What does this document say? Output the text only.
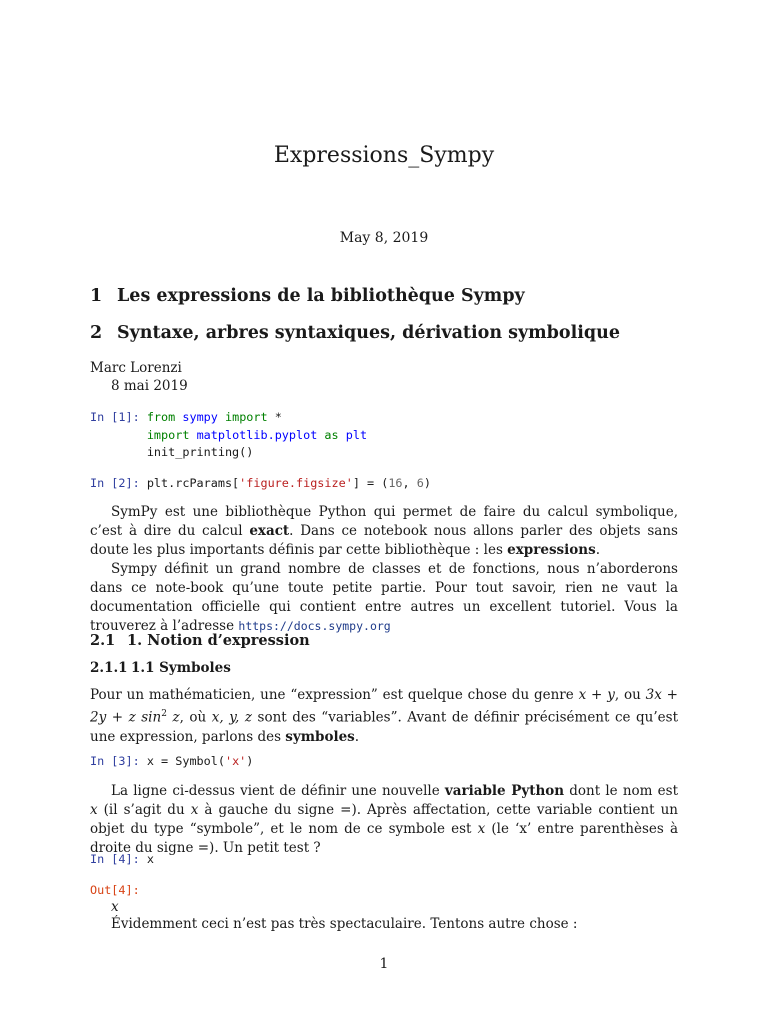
Expressions_Sympy
May 8, 2019
1 Les expressions de la bibliothèque Sympy
2 Syntaxe, arbres syntaxiques, dérivation symbolique
Marc Lorenzi
8 mai 2019
In [1]: from sympy import *
import matplotlib.pyplot as plt
init_printing()
In [2]: plt.rcParams['figure.figsize'] = (16, 6)
SymPy est une bibliothèque Python qui permet de faire du calcul symbolique, c’est à dire du calcul exact. Dans ce notebook nous allons parler des objets sans doute les plus importants définis par cette bibliothèque : les expressions.
Sympy définit un grand nombre de classes et de fonctions, nous n’aborderons dans ce note-book qu’une toute petite partie. Pour tout savoir, rien ne vaut la documentation officielle qui contient entre autres un excellent tutoriel. Vous la trouverez à l’adresse https://docs.sympy.org
2.1 1. Notion d’expression
2.1.1 1.1 Symboles
Pour un mathématicien, une “expression” est quelque chose du genre x + y, ou 3x + 2y + z $\sin^2 z$, où x, y, z sont des “variables”. Avant de définir précisément ce qu’est une expression, parlons des symboles.
In [3]: x = Symbol('x')
La ligne ci-dessus vient de définir une nouvelle variable Python dont le nom est x (il s’agit du x à gauche du signe =). Après affectation, cette variable contient un objet du type “symbole”, et le nom de ce symbole est x (le ‘x’ entre parenthèses à droite du signe =). Un petit test ?
In [4]: x
Out[4]:
x
Évidemment ceci n’est pas très spectaculaire. Tentons autre chose :
1
